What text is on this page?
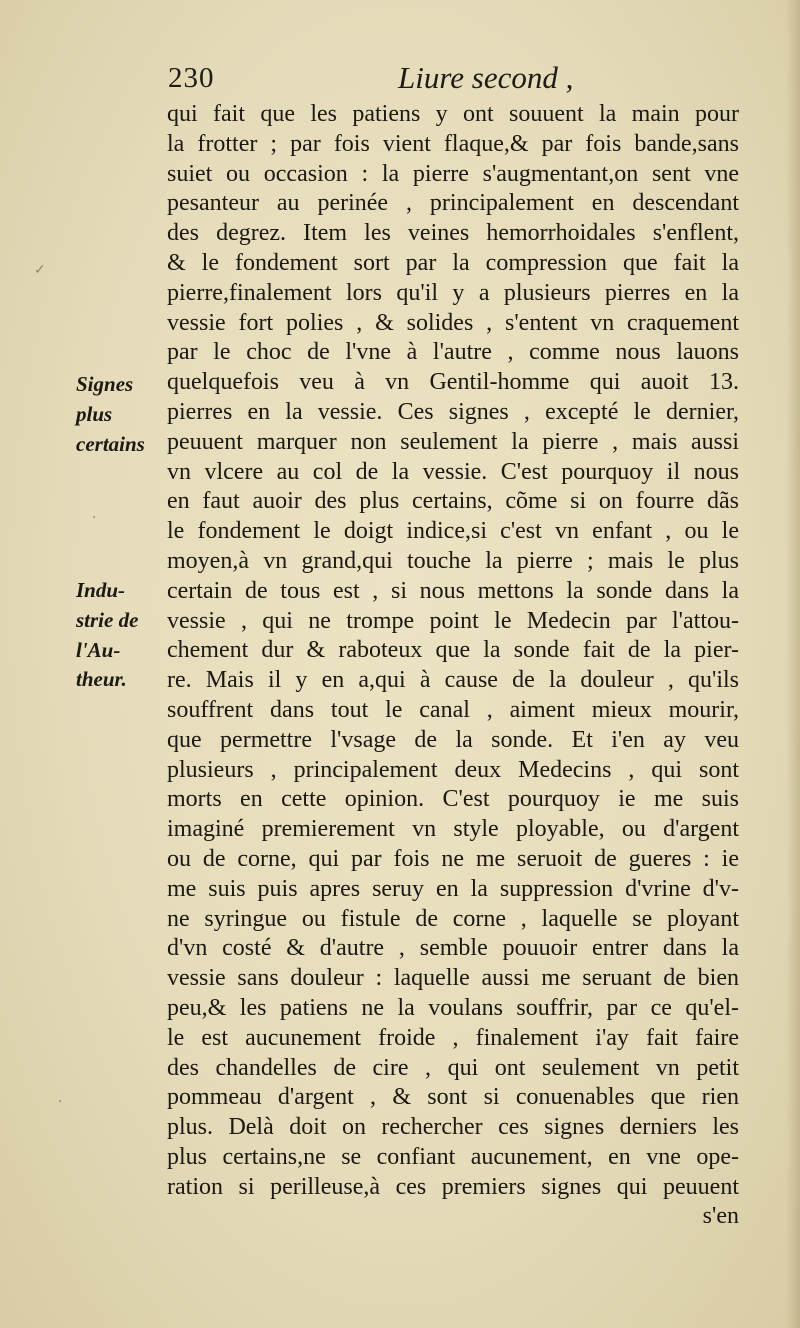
230	Liure second ,
Signes
plus
certains
Indu-
strie de
l'Au-
theur.
qui fait que les patiens y ont souuent la main pour
la frotter ; par fois vient flaque,& par fois bande,sans
suiet ou occasion : la pierre s'augmentant,on sent vne
pesanteur au perinée , principalement en descendant
des degrez. Item les veines hemorrhoidales s'enflent,
& le fondement sort par la compression que fait la
pierre,finalement lors qu'il y a plusieurs pierres en la
vessie fort polies , & solides , s'entent vn craquement
par le choc de l'vne à l'autre , comme nous lauons
quelquefois veu à vn Gentil-homme qui auoit 13.
pierres en la vessie. Ces signes , excepté le dernier,
peuuent marquer non seulement la pierre , mais aussi
vn vlcere au col de la vessie. C'est pourquoy il nous
en faut auoir des plus certains, cõme si on fourre dãs
le fondement le doigt indice,si c'est vn enfant , ou le
moyen,à vn grand,qui touche la pierre ; mais le plus
certain de tous est , si nous mettons la sonde dans la
vessie , qui ne trompe point le Medecin par l'attou-
chement dur & raboteux que la sonde fait de la pier-
re. Mais il y en a,qui à cause de la douleur , qu'ils
souffrent dans tout le canal , aiment mieux mourir,
que permettre l'vsage de la sonde. Et i'en ay veu
plusieurs , principalement deux Medecins , qui sont
morts en cette opinion. C'est pourquoy ie me suis
imaginé premierement vn style ployable, ou d'argent
ou de corne, qui par fois ne me seruoit de gueres : ie
me suis puis apres seruy en la suppression d'vrine d'v-
ne syringue ou fistule de corne , laquelle se ployant
d'vn costé & d'autre , semble pouuoir entrer dans la
vessie sans douleur : laquelle aussi me seruant de bien
peu,& les patiens ne la voulans souffrir, par ce qu'el-
le est aucunement froide , finalement i'ay fait faire
des chandelles de cire , qui ont seulement vn petit
pommeau d'argent , & sont si conuenables que rien
plus. Delà doit on rechercher ces signes derniers les
plus certains,ne se confiant aucunement, en vne ope-
ration si perilleuse,à ces premiers signes qui peuuent
s'en
✓
·
·
